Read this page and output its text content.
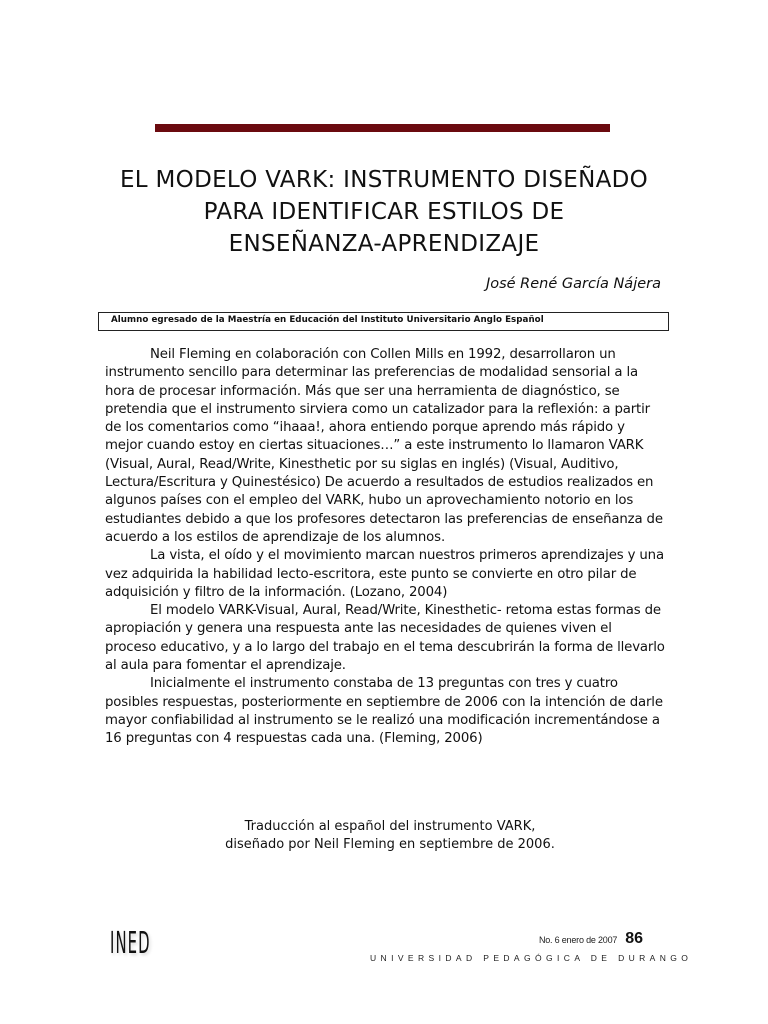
EL MODELO VARK: INSTRUMENTO DISEÑADO
PARA IDENTIFICAR ESTILOS DE
ENSEÑANZA-APRENDIZAJE
José René García Nájera
Alumno egresado de la Maestría en Educación del Instituto Universitario Anglo Español

Neil Fleming en colaboración con Collen Mills en 1992, desarrollaron un instrumento sencillo para determinar las preferencias de modalidad sensorial a la hora de procesar información. Más que ser una herramienta de diagnóstico, se pretendia que el instrumento sirviera como un catalizador para la reflexión: a partir de los comentarios como “ihaaa!, ahora entiendo porque aprendo más rápido y mejor cuando estoy en ciertas situaciones…” a este instrumento lo llamaron VARK (Visual, Aural, Read/Write, Kinesthetic por su siglas en inglés) (Visual, Auditivo, Lectura/Escritura y Quinestésico) De acuerdo a resultados de estudios realizados en algunos países con el empleo del VARK, hubo un aprovechamiento notorio en los estudiantes debido a que los profesores detectaron las preferencias de enseñanza de acuerdo a los estilos de aprendizaje de los alumnos.

La vista, el oído y el movimiento marcan nuestros primeros aprendizajes y una vez adquirida la habilidad lecto-escritora, este punto se convierte en otro pilar de adquisición y filtro de la información. (Lozano, 2004)

El modelo VARK-Visual, Aural, Read/Write, Kinesthetic- retoma estas formas de apropiación y genera una respuesta ante las necesidades de quienes viven el proceso educativo, y a lo largo del trabajo en el tema descubrirán la forma de llevarlo al aula para fomentar el aprendizaje.

Inicialmente el instrumento constaba de 13 preguntas con tres y cuatro posibles respuestas, posteriormente en septiembre de 2006 con la intención de darle mayor confiabilidad al instrumento se le realizó una modificación incrementándose a 16 preguntas con 4 respuestas cada una. (Fleming, 2006)

Traducción al español del instrumento VARK,
diseñado por Neil Fleming en septiembre de 2006.
INED	No. 6 enero de 2007 86
UNIVERSIDAD PEDAGÓGICA DE DURANGO
